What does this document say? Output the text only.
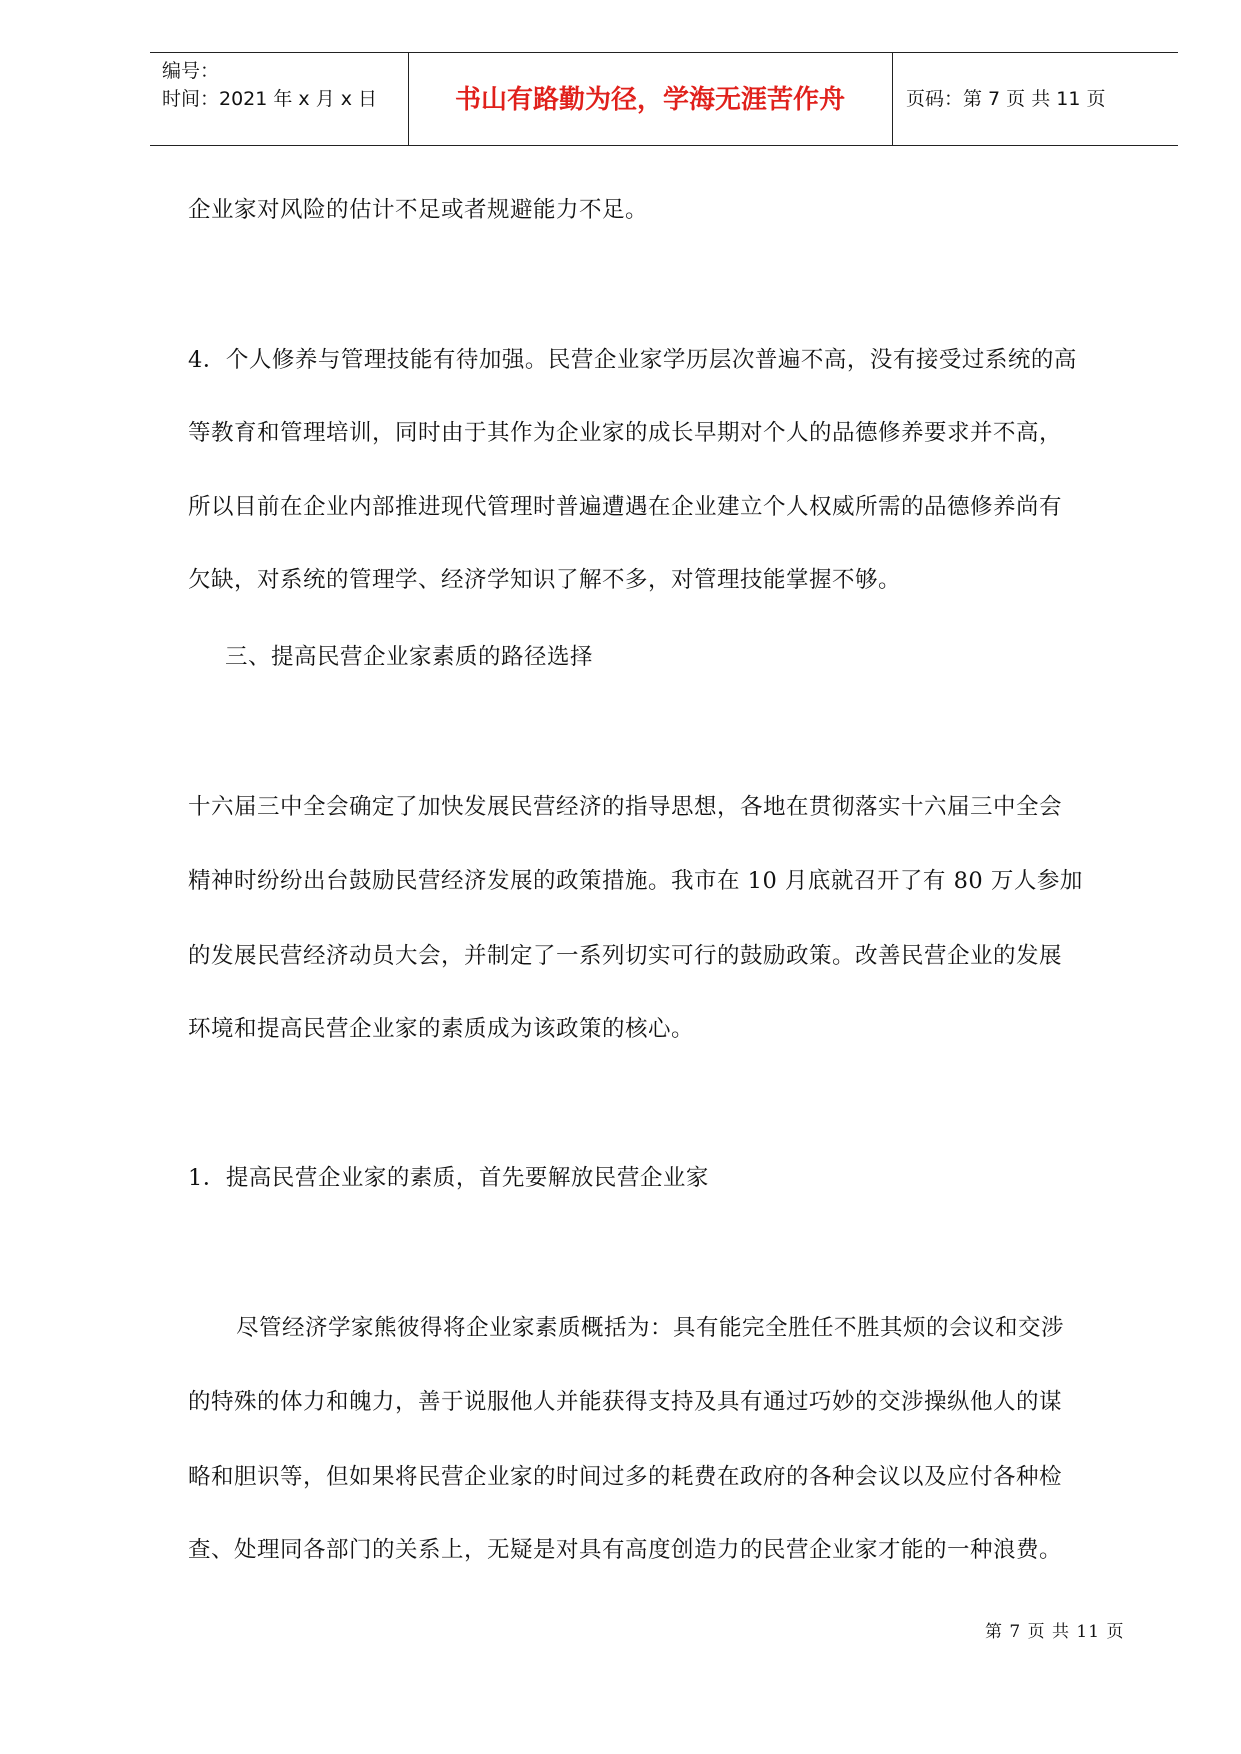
编号：
时间：2021 年 x 月 x 日	书山有路勤为径，学海无涯苦作舟	页码：第 7 页 共 11 页

企业家对风险的估计不足或者规避能力不足。

4．个人修养与管理技能有待加强。民营企业家学历层次普遍不高，没有接受过系统的高

等教育和管理培训，同时由于其作为企业家的成长早期对个人的品德修养要求并不高，

所以目前在企业内部推进现代管理时普遍遭遇在企业建立个人权威所需的品德修养尚有

欠缺，对系统的管理学、经济学知识了解不多，对管理技能掌握不够。

三、提高民营企业家素质的路径选择

十六届三中全会确定了加快发展民营经济的指导思想，各地在贯彻落实十六届三中全会

精神时纷纷出台鼓励民营经济发展的政策措施。我市在 10 月底就召开了有 80 万人参加

的发展民营经济动员大会，并制定了一系列切实可行的鼓励政策。改善民营企业的发展

环境和提高民营企业家的素质成为该政策的核心。

1．提高民营企业家的素质，首先要解放民营企业家

尽管经济学家熊彼得将企业家素质概括为：具有能完全胜任不胜其烦的会议和交涉

的特殊的体力和魄力，善于说服他人并能获得支持及具有通过巧妙的交涉操纵他人的谋

略和胆识等，但如果将民营企业家的时间过多的耗费在政府的各种会议以及应付各种检

查、处理同各部门的关系上，无疑是对具有高度创造力的民营企业家才能的一种浪费。

第 7 页 共 11 页
